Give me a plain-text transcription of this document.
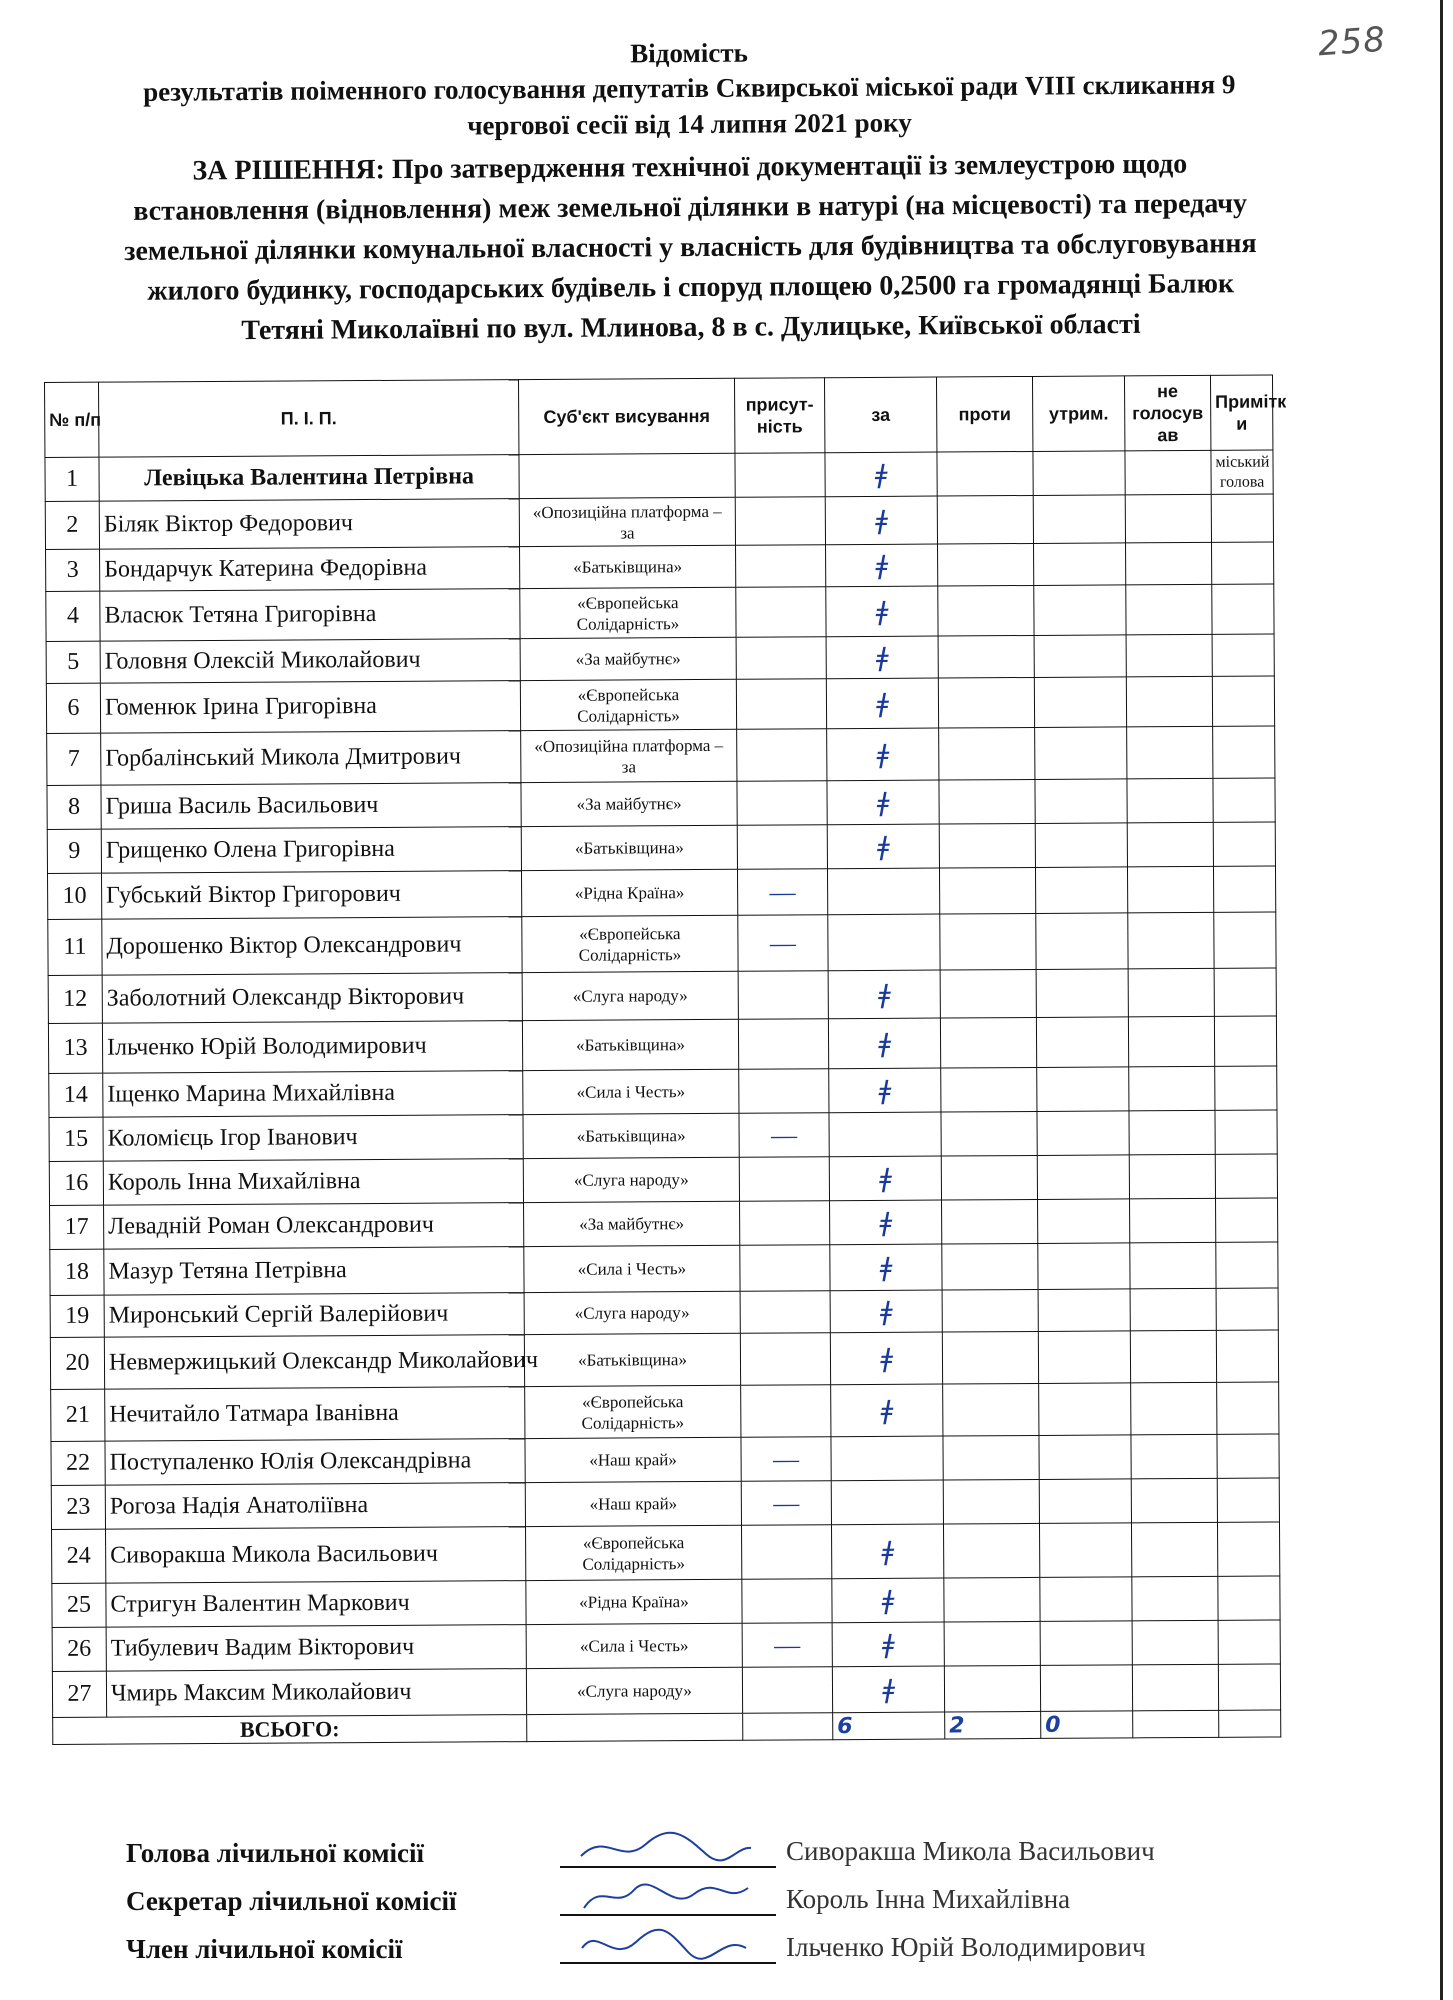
258
Відомість
результатів поіменного голосування депутатів Сквирської міської ради VIII скликання 9
чергової сесії від 14 липня 2021 року
ЗА РІШЕННЯ: Про затвердження технічної документації із землеустрою щодо
встановлення (відновлення) меж земельної ділянки в натурі (на місцевості) та передачу
земельної ділянки комунальної власності у власність для будівництва та обслуговування
жилого будинку, господарських будівель і споруд площею 0,2500 га громадянці Балюк
Тетяні Миколаївні по вул. Млинова, 8 в с. Дулицьке, Київської області
№ п/п	П. І. П.	Суб'єкт висування	присут-ність	за	проти	утрим.	не голосув ав	Примітк и
1	Левіцька Валентина Петрівна			ǂ				міський голова
2	Біляк Віктор Федорович	«Опозиційна платформа – за		ǂ				
3	Бондарчук Катерина Федорівна	«Батьківщина»		ǂ				
4	Власюк Тетяна Григорівна	«Європейська Солідарність»		ǂ				
5	Головня Олексій Миколайович	«За майбутнє»		ǂ				
6	Гоменюк Ірина Григорівна	«Європейська Солідарність»		ǂ				
7	Горбалінський Микола Дмитрович	«Опозиційна платформа – за		ǂ				
8	Гриша Василь Васильович	«За майбутнє»		ǂ				
9	Грищенко Олена Григорівна	«Батьківщина»		ǂ				
10	Губський Віктор Григорович	«Рідна Країна»	—					
11	Дорошенко Віктор Олександрович	«Європейська Солідарність»	—					
12	Заболотний Олександр Вікторович	«Слуга народу»		ǂ				
13	Ільченко Юрій Володимирович	«Батьківщина»		ǂ				
14	Іщенко Марина Михайлівна	«Сила і Честь»		ǂ				
15	Коломієць Ігор Іванович	«Батьківщина»	—					
16	Король Інна Михайлівна	«Слуга народу»		ǂ				
17	Левадній Роман Олександрович	«За майбутнє»		ǂ				
18	Мазур Тетяна Петрівна	«Сила і Честь»		ǂ				
19	Миронський Сергій Валерійович	«Слуга народу»		ǂ				
20	Невмержицький Олександр Миколайович	«Батьківщина»		ǂ				
21	Нечитайло Татмара Іванівна	«Європейська Солідарність»		ǂ				
22	Поступаленко Юлія Олександрівна	«Наш край»	—					
23	Рогоза Надія Анатоліївна	«Наш край»	—					
24	Сиворакша Микола Васильович	«Європейська Солідарність»		ǂ				
25	Стригун Валентин Маркович	«Рідна Країна»		ǂ				
26	Тибулевич Вадим Вікторович	«Сила і Честь»	—	ǂ				
27	Чмирь Максим Миколайович	«Слуга народу»		ǂ				
ВСЬОГО:				6	2	0		
Голова лічильної комісії	Сиворакша Микола Васильович
Секретар лічильної комісії	Король Інна Михайлівна
Член лічильної комісії	Ільченко Юрій Володимирович
